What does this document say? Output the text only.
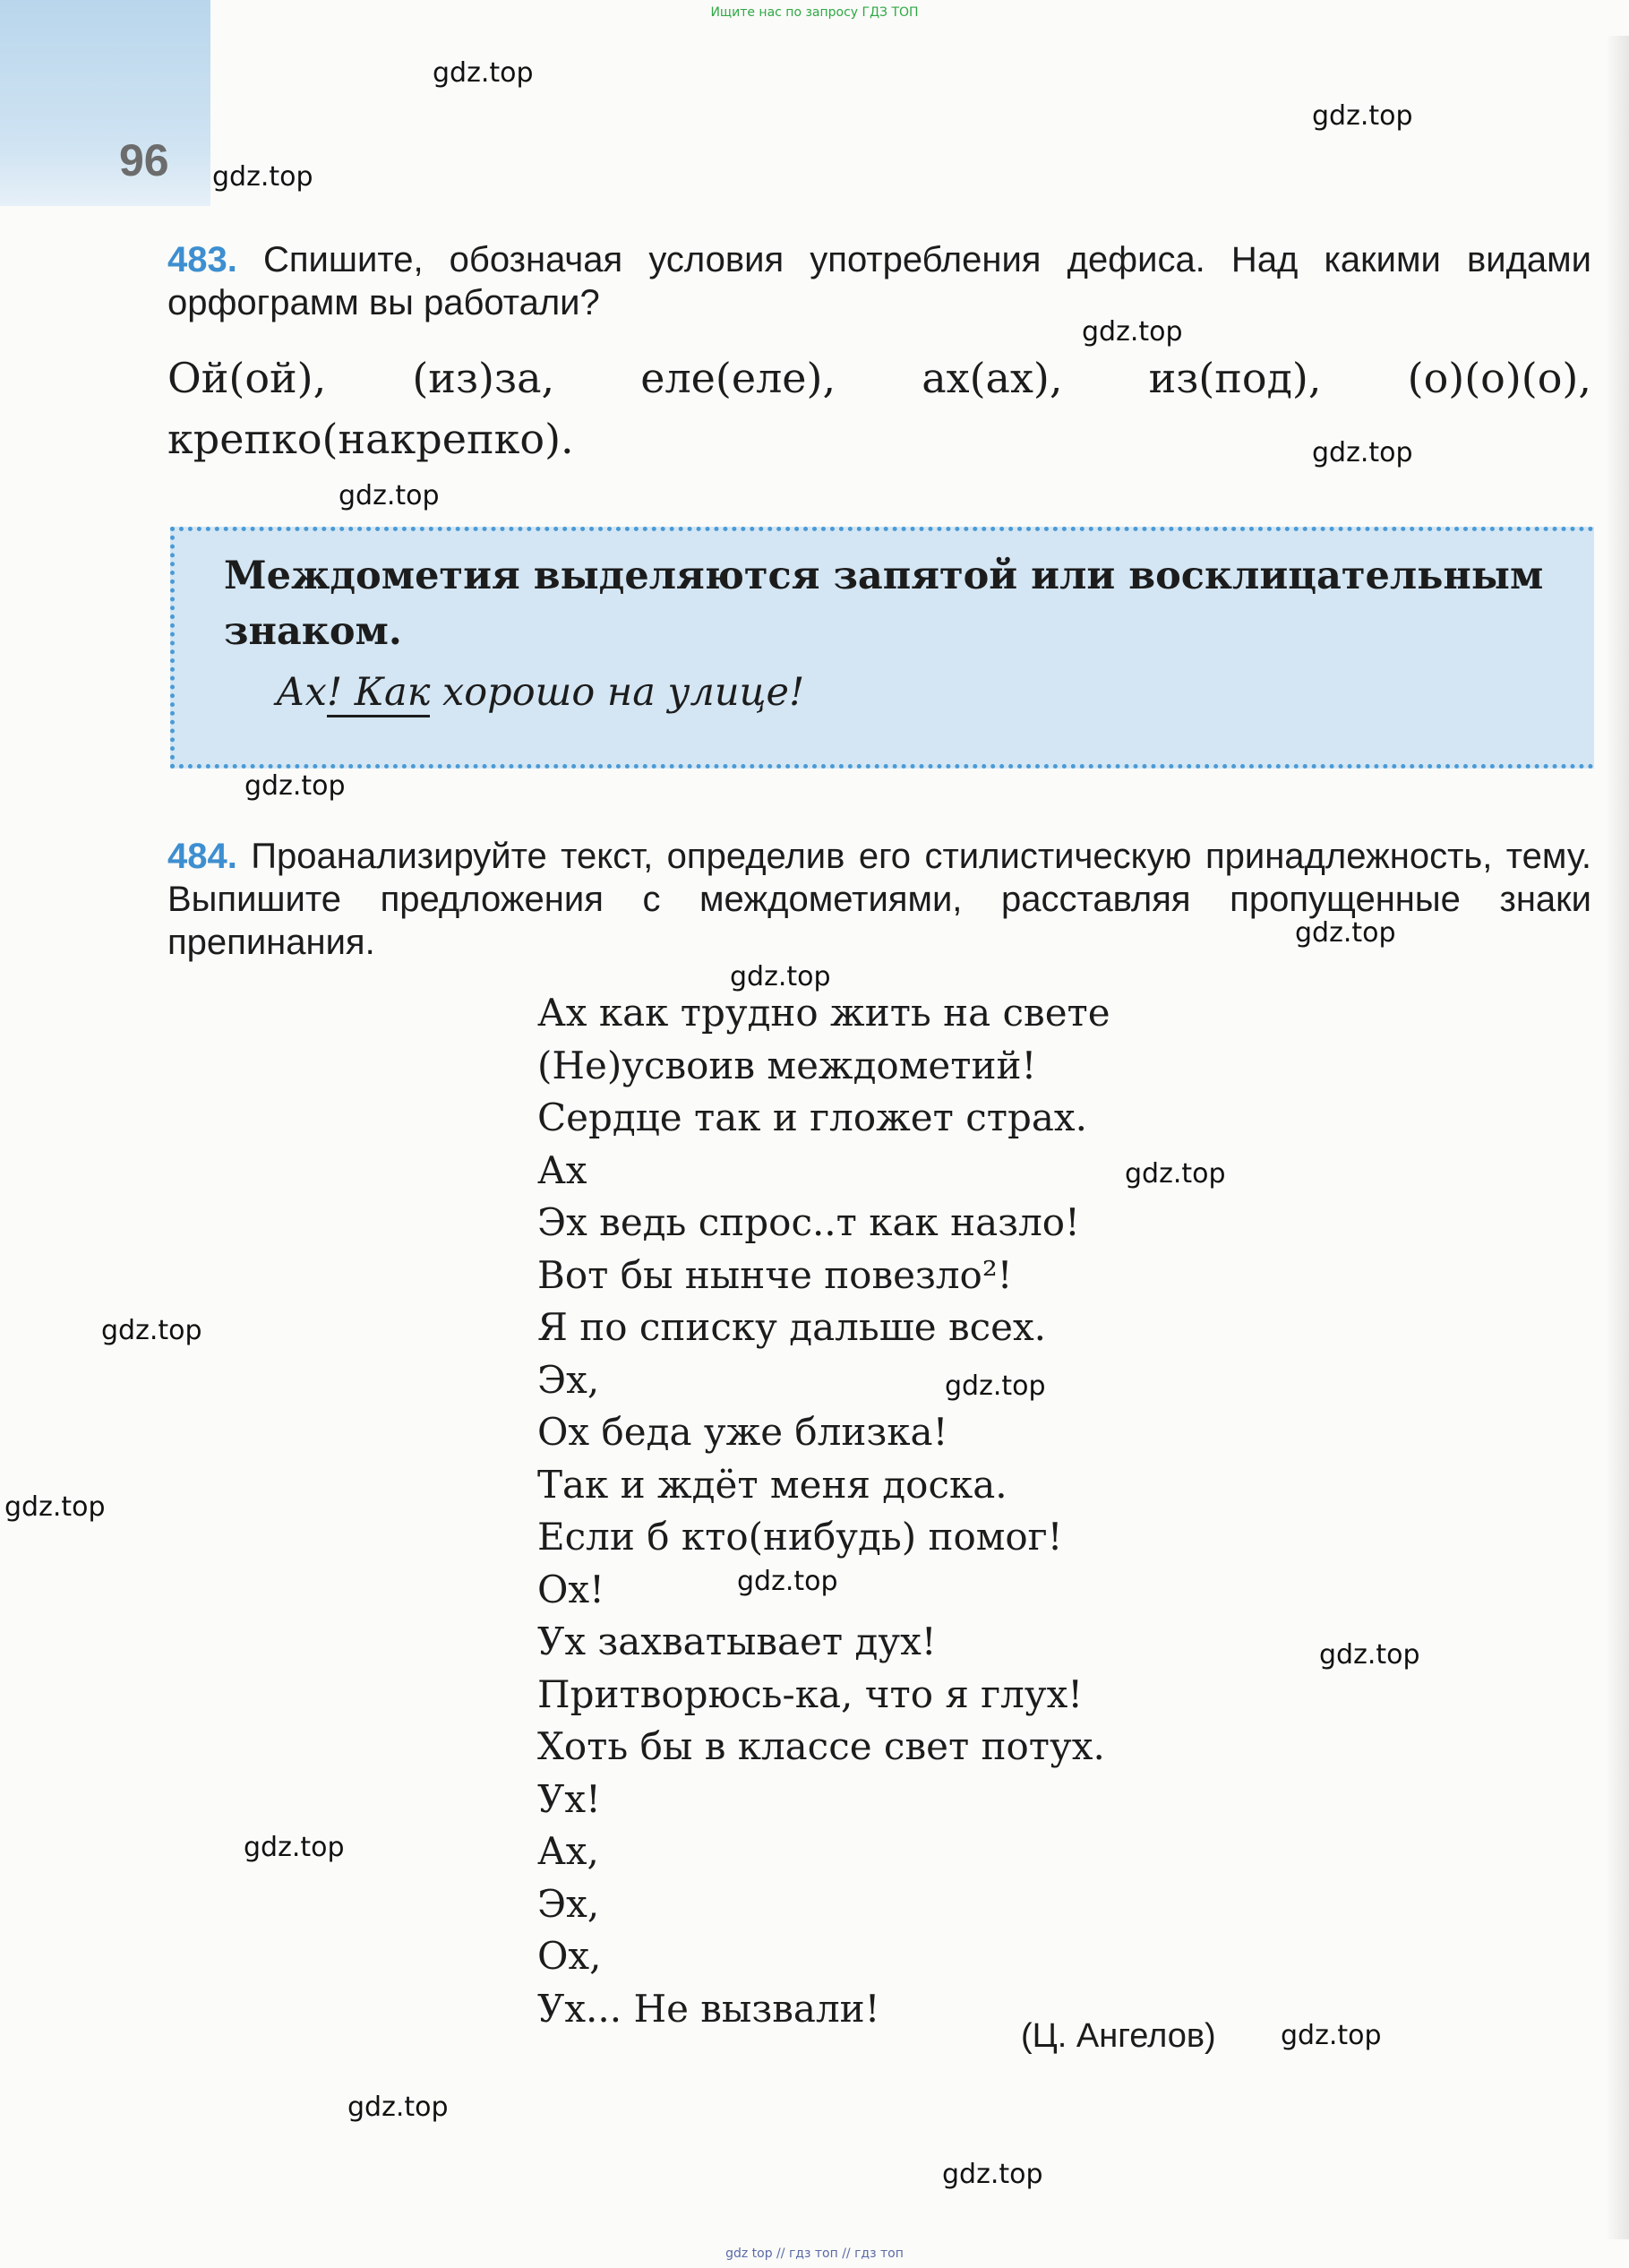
Ищите нас по запросу ГДЗ ТОП
96
gdz.top
gdz.top
gdz.top
gdz.top
gdz.top
gdz.top
gdz.top
gdz.top
gdz.top
gdz.top
gdz.top
gdz.top
gdz.top
gdz.top
gdz.top
gdz.top
gdz.top
gdz.top
gdz.top
483. Спишите, обозначая условия употребления дефиса. Над какими видами орфограмм вы работали?
Ой(ой), (из)за, еле(еле), ах(ах), из(под), (о)(о)(о), крепко(накрепко).
Междометия выделяются запятой или восклицательным знаком.
Ах! Как хорошо на улице!
484. Проанализируйте текст, определив его стилистическую принадлежность, тему. Выпишите предложения с междометиями, расставляя пропущенные знаки препинания.
Ах как трудно жить на свете
(Не)усвоив междометий!
Сердце так и гложет страх.
Ах
Эх ведь спрос..т как назло!
Вот бы нынче повезло²!
Я по списку дальше всех.
Эх,
Ох беда уже близка!
Так и ждёт меня доска.
Если б кто(нибудь) помог!
Ох!
Ух захватывает дух!
Притворюсь-ка, что я глух!
Хоть бы в классе свет потух.
Ух!
Ах,
Эх,
Ох,
Ух... Не вызвали!
(Ц. Ангелов)
gdz top // гдз топ // гдз топ
